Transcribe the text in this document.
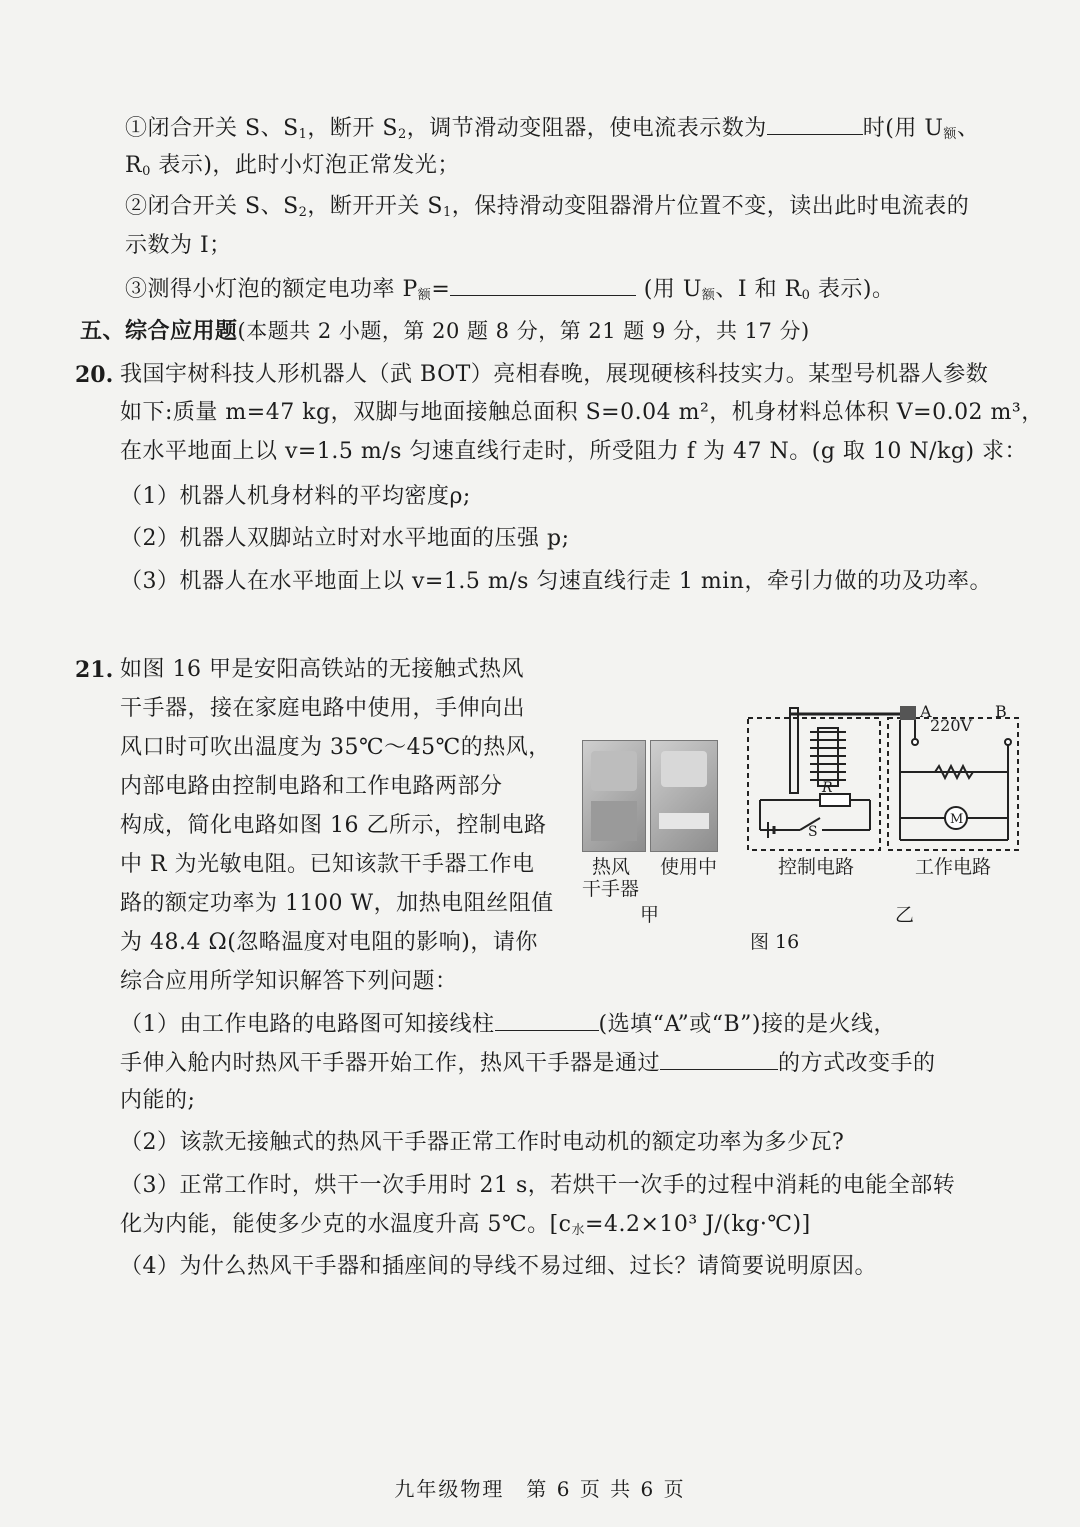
①闭合开关 S、$S_1$，断开 $S_2$，调节滑动变阻器，使电流表示数为	时(用 $U_额$、
$R_0$ 表示)，此时小灯泡正常发光；
②闭合开关 S、$S_2$，断开开关 $S_1$，保持滑动变阻器滑片位置不变，读出此时电流表的
示数为 I；
③测得小灯泡的额定电功率 $P_额=$	(用 $U_额$、I 和 $R_0$ 表示)。
五、综合应用题(本题共 2 小题，第 20 题 8 分，第 21 题 9 分，共 17 分)
20. 我国宇树科技人形机器人（武 BOT）亮相春晚，展现硬核科技实力。某型号机器人参数
如下:质量 m=47 kg，双脚与地面接触总面积 S=0.04 m²，机身材料总体积 V=0.02 m³，
在水平地面上以 v=1.5 m/s 匀速直线行走时，所受阻力 f 为 47 N。(g 取 10 N/kg) 求：
（1）机器人机身材料的平均密度ρ;
（2）机器人双脚站立时对水平地面的压强 p;
（3）机器人在水平地面上以 v=1.5 m/s 匀速直线行走 1 min，牵引力做的功及功率。
21. 如图 16 甲是安阳高铁站的无接触式热风
干手器，接在家庭电路中使用，手伸向出
风口时可吹出温度为 35℃～45℃的热风，
内部电路由控制电路和工作电路两部分
构成，简化电路如图 16 乙所示，控制电路
中 R 为光敏电阻。已知该款干手器工作电
路的额定功率为 1100 W，加热电阻丝阻值
为 48.4 Ω(忽略温度对电阻的影响)，请你
综合应用所学知识解答下列问题：
热风
干手器
使用中
甲
A	B
220V
R
S
M
控制电路	工作电路
乙
图 16
（1）由工作电路的电路图可知接线柱	(选填“A”或“B”)接的是火线，
手伸入舱内时热风干手器开始工作，热风干手器是通过	的方式改变手的
内能的;
（2）该款无接触式的热风干手器正常工作时电动机的额定功率为多少瓦?
（3）正常工作时，烘干一次手用时 21 s，若烘干一次手的过程中消耗的电能全部转
化为内能，能使多少克的水温度升高 5℃。[$c_水=4.2\times 10^3$ J/(kg·℃)]
（4）为什么热风干手器和插座间的导线不易过细、过长？请简要说明原因。
九年级物理　第 6 页 共 6 页
